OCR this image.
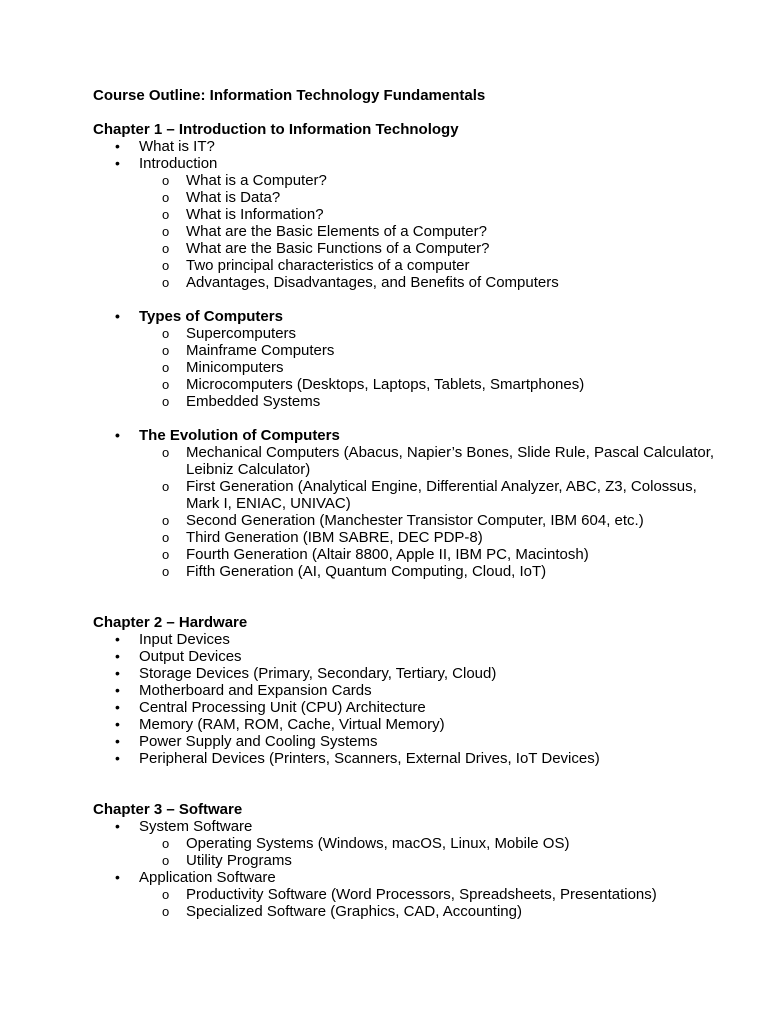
Course Outline: Information Technology Fundamentals
Chapter 1 – Introduction to Information Technology
• What is IT?
• Introduction
o What is a Computer?
o What is Data?
o What is Information?
o What are the Basic Elements of a Computer?
o What are the Basic Functions of a Computer?
o Two principal characteristics of a computer
o Advantages, Disadvantages, and Benefits of Computers
• Types of Computers
o Supercomputers
o Mainframe Computers
o Minicomputers
o Microcomputers (Desktops, Laptops, Tablets, Smartphones)
o Embedded Systems
• The Evolution of Computers
o Mechanical Computers (Abacus, Napier’s Bones, Slide Rule, Pascal Calculator, Leibniz Calculator)
o First Generation (Analytical Engine, Differential Analyzer, ABC, Z3, Colossus, Mark I, ENIAC, UNIVAC)
o Second Generation (Manchester Transistor Computer, IBM 604, etc.)
o Third Generation (IBM SABRE, DEC PDP-8)
o Fourth Generation (Altair 8800, Apple II, IBM PC, Macintosh)
o Fifth Generation (AI, Quantum Computing, Cloud, IoT)
Chapter 2 – Hardware
• Input Devices
• Output Devices
• Storage Devices (Primary, Secondary, Tertiary, Cloud)
• Motherboard and Expansion Cards
• Central Processing Unit (CPU) Architecture
• Memory (RAM, ROM, Cache, Virtual Memory)
• Power Supply and Cooling Systems
• Peripheral Devices (Printers, Scanners, External Drives, IoT Devices)
Chapter 3 – Software
• System Software
o Operating Systems (Windows, macOS, Linux, Mobile OS)
o Utility Programs
• Application Software
o Productivity Software (Word Processors, Spreadsheets, Presentations)
o Specialized Software (Graphics, CAD, Accounting)
